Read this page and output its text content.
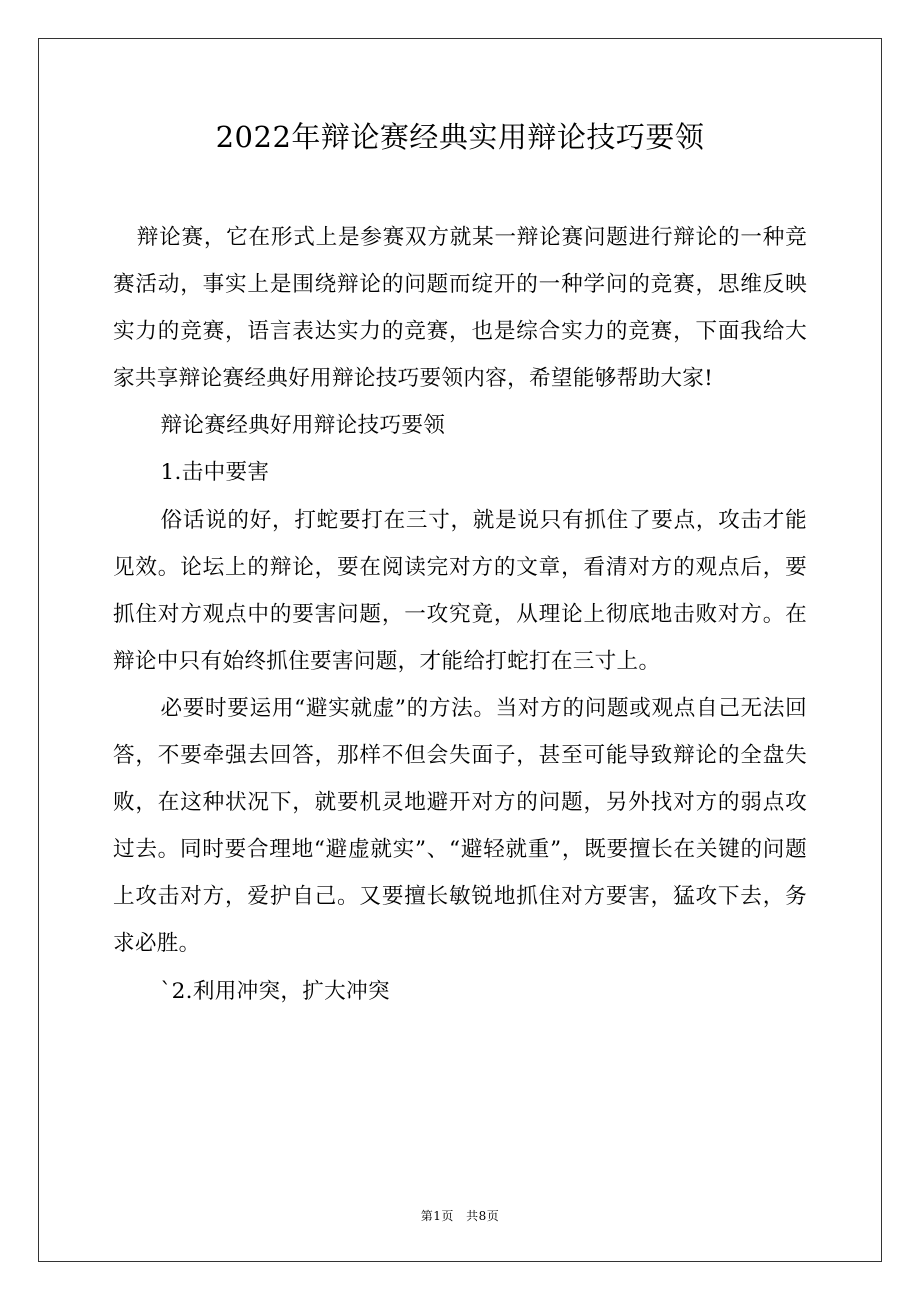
2022年辩论赛经典实用辩论技巧要领

辩论赛，它在形式上是参赛双方就某一辩论赛问题进行辩论的一种竞赛活动，事实上是围绕辩论的问题而绽开的一种学问的竞赛，思维反映实力的竞赛，语言表达实力的竞赛，也是综合实力的竞赛，下面我给大家共享辩论赛经典好用辩论技巧要领内容，希望能够帮助大家!

辩论赛经典好用辩论技巧要领

1.击中要害

俗话说的好，打蛇要打在三寸，就是说只有抓住了要点，攻击才能见效。论坛上的辩论，要在阅读完对方的文章，看清对方的观点后，要抓住对方观点中的要害问题，一攻究竟，从理论上彻底地击败对方。在辩论中只有始终抓住要害问题，才能给打蛇打在三寸上。

必要时要运用“避实就虚”的方法。当对方的问题或观点自己无法回答，不要牵强去回答，那样不但会失面子，甚至可能导致辩论的全盘失败，在这种状况下，就要机灵地避开对方的问题，另外找对方的弱点攻过去。同时要合理地“避虚就实”、“避轻就重”，既要擅长在关键的问题上攻击对方，爱护自己。又要擅长敏锐地抓住对方要害，猛攻下去，务求必胜。

`2.利用冲突，扩大冲突

第1页 共8页
